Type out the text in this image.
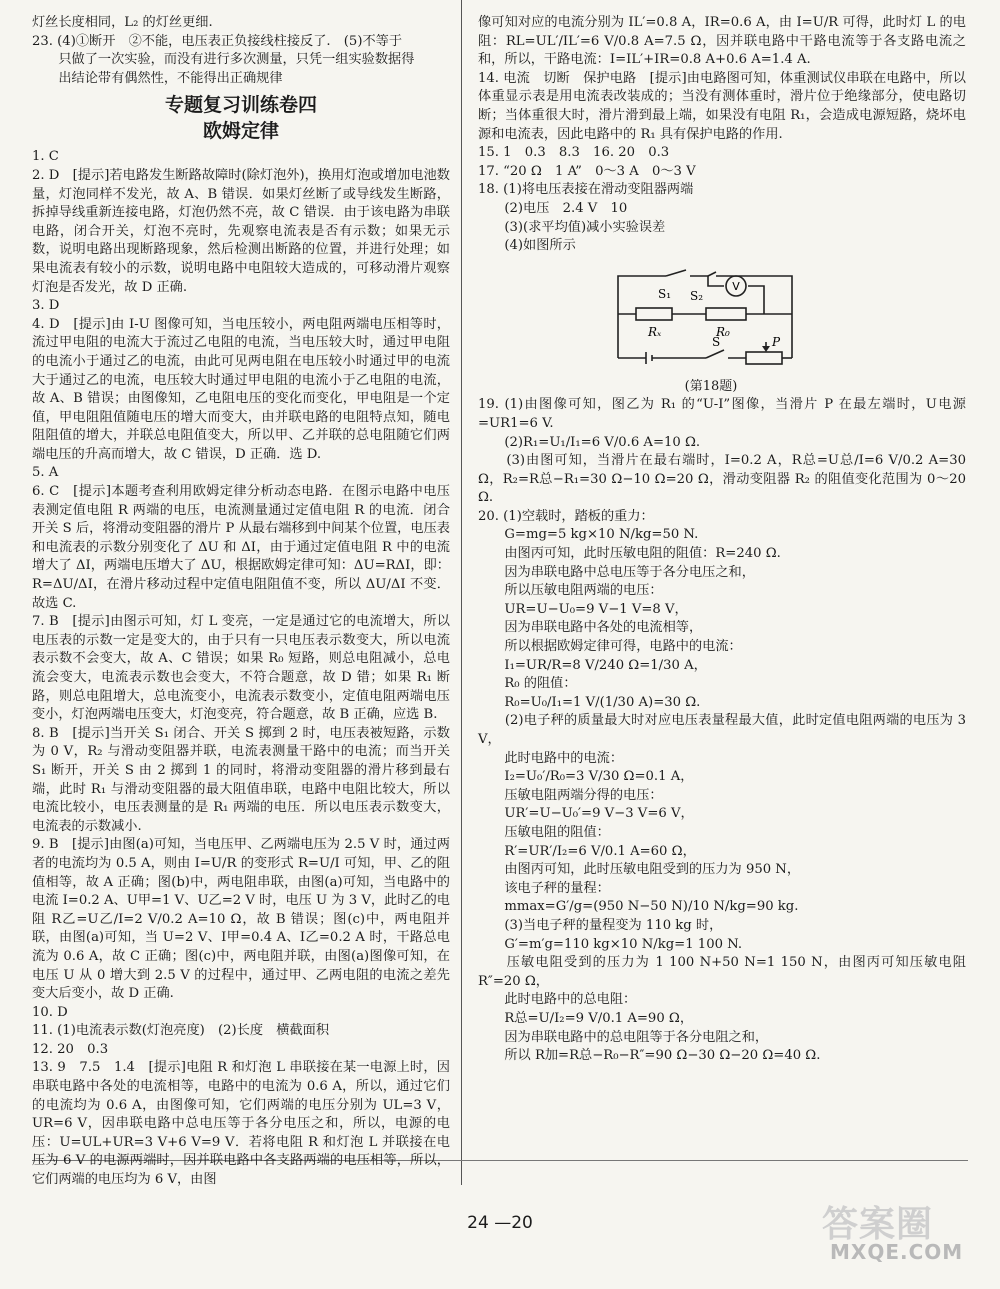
灯丝长度相同，L₂ 的灯丝更细.
23. (4)①断开　②不能，电压表正负接线柱接反了.　(5)不等于
　　只做了一次实验，而没有进行多次测量，只凭一组实验数据得
　　出结论带有偶然性，不能得出正确规律
专题复习训练卷四
欧姆定律
1. C
2. D　[提示]若电路发生断路故障时(除灯泡外)，换用灯泡或增加电池数量，灯泡同样不发光，故 A、B 错误．如果灯丝断了或导线发生断路，拆掉导线重新连接电路，灯泡仍然不亮，故 C 错误．由于该电路为串联电路，闭合开关，灯泡不亮时，先观察电流表是否有示数；如果无示数，说明电路出现断路现象，然后检测出断路的位置，并进行处理；如果电流表有较小的示数，说明电路中电阻较大造成的，可移动滑片观察灯泡是否发光，故 D 正确.
3. D
4. D　[提示]由 I-U 图像可知，当电压较小，两电阻两端电压相等时，流过甲电阻的电流大于流过乙电阻的电流，当电压较大时，通过甲电阻的电流小于通过乙的电流，由此可见两电阻在电压较小时通过甲的电流大于通过乙的电流，电压较大时通过甲电阻的电流小于乙电阻的电流，故 A、B 错误；由图像知，乙电阻电压的变化而变化，甲电阻是一个定值，甲电阻阻值随电压的增大而变大，由并联电路的电阻特点知，随电阻阻值的增大，并联总电阻值变大，所以甲、乙并联的总电阻随它们两端电压的升高而增大，故 C 错误，D 正确．选 D.
5. A
6. C　[提示]本题考查利用欧姆定律分析动态电路．在图示电路中电压表测定值电阻 R 两端的电压，电流测量通过定值电阻 R 的电流．闭合开关 S 后，将滑动变阻器的滑片 P 从最右端移到中间某个位置，电压表和电流表的示数分别变化了 ΔU 和 ΔI，由于通过定值电阻 R 中的电流增大了 ΔI，两端电压增大了 ΔU，根据欧姆定律可知：ΔU=RΔI，即：R=ΔU/ΔI，在滑片移动过程中定值电阻阻值不变，所以 ΔU/ΔI 不变．故选 C.
7. B　[提示]由图示可知，灯 L 变亮，一定是通过它的电流增大，所以电压表的示数一定是变大的，由于只有一只电压表示数变大，所以电流表示数不会变大，故 A、C 错误；如果 R₀ 短路，则总电阻减小，总电流会变大，电流表示数也会变大，不符合题意，故 D 错；如果 R₁ 断路，则总电阻增大，总电流变小，电流表示数变小，定值电阻两端电压变小，灯泡两端电压变大，灯泡变亮，符合题意，故 B 正确，应选 B.
8. B　[提示]当开关 S₁ 闭合、开关 S 掷到 2 时，电压表被短路，示数为 0 V，R₂ 与滑动变阻器并联，电流表测量干路中的电流；而当开关 S₁ 断开，开关 S 由 2 掷到 1 的同时，将滑动变阻器的滑片移到最右端，此时 R₁ 与滑动变阻器的最大阻值串联，电路中电阻比较大，所以电流比较小，电压表测量的是 R₁ 两端的电压．所以电压表示数变大，电流表的示数减小.
9. B　[提示]由图(a)可知，当电压甲、乙两端电压为 2.5 V 时，通过两者的电流均为 0.5 A，则由 I=U/R 的变形式 R=U/I 可知，甲、乙的阻值相等，故 A 正确；图(b)中，两电阻串联，由图(a)可知，当电路中的电流 I=0.2 A、U甲=1 V、U乙=2 V 时，电压 U 为 3 V，此时乙的电阻 R乙=U乙/I=2 V/0.2 A=10 Ω，故 B 错误；图(c)中，两电阻并联，由图(a)可知，当 U=2 V、I甲=0.4 A、I乙=0.2 A 时，干路总电流为 0.6 A，故 C 正确；图(c)中，两电阻并联，由图(a)图像可知，在电压 U 从 0 增大到 2.5 V 的过程中，通过甲、乙两电阻的电流之差先变大后变小，故 D 正确.
10. D
11. (1)电流表示数(灯泡亮度)　(2)长度　横截面积
12. 20　0.3
13. 9　7.5　1.4　[提示]电阻 R 和灯泡 L 串联接在某一电源上时，因串联电路中各处的电流相等，电路中的电流为 0.6 A，所以，通过它们的电流均为 0.6 A，由图像可知，它们两端的电压分别为 UL=3 V，UR=6 V，因串联电路中总电压等于各分电压之和，所以，电源的电压：U=UL+UR=3 V+6 V=9 V．若将电阻 R 和灯泡 L 并联接在电压为 6 V 的电源两端时，因并联电路中各支路两端的电压相等，所以，它们两端的电压均为 6 V，由图
像可知对应的电流分别为 IL′=0.8 A，IR=0.6 A，由 I=U/R 可得，此时灯 L 的电阻：RL=UL′/IL′=6 V/0.8 A=7.5 Ω，因并联电路中干路电流等于各支路电流之和，所以，干路电流：I=IL′+IR=0.8 A+0.6 A=1.4 A.
14. 电流　切断　保护电路　[提示]由电路图可知，体重测试仪串联在电路中，所以体重显示表是用电流表改装成的；当没有测体重时，滑片位于绝缘部分，使电路切断；当体重很大时，滑片滑到最上端，如果没有电阻 R₁，会造成电源短路，烧坏电源和电流表，因此电路中的 R₁ 具有保护电路的作用.
15. 1　0.3　8.3　16. 20　0.3
17. “20 Ω　1 A”　0～3 A　0～3 V
18. (1)将电压表接在滑动变阻器两端
　　(2)电压　2.4 V　10
　　(3)(求平均值)减小实验误差
　　(4)如图所示
V
S₁ S₂
Rₓ	R₀
S	P
(第18题)
19. (1)由图像可知，图乙为 R₁ 的“U-I”图像，当滑片 P 在最左端时，U电源=UR1=6 V.
　　(2)R₁=U₁/I₁=6 V/0.6 A=10 Ω.
　　(3)由图可知，当滑片在最右端时，I=0.2 A，R总=U总/I=6 V/0.2 A=30 Ω，R₂=R总−R₁=30 Ω−10 Ω=20 Ω，滑动变阻器 R₂ 的阻值变化范围为 0～20 Ω.
20. (1)空载时，踏板的重力：
　　G=mg=5 kg×10 N/kg=50 N.
　　由图丙可知，此时压敏电阻的阻值：R=240 Ω.
　　因为串联电路中总电压等于各分电压之和，
　　所以压敏电阻两端的电压：
　　UR=U−U₀=9 V−1 V=8 V，
　　因为串联电路中各处的电流相等，
　　所以根据欧姆定律可得，电路中的电流：
　　I₁=UR/R=8 V/240 Ω=1/30 A，
　　R₀ 的阻值：
　　R₀=U₀/I₁=1 V/(1/30 A)=30 Ω.
　　(2)电子秤的质量最大时对应电压表量程最大值，此时定值电阻两端的电压为 3 V，
　　此时电路中的电流：
　　I₂=U₀′/R₀=3 V/30 Ω=0.1 A，
　　压敏电阻两端分得的电压：
　　UR′=U−U₀′=9 V−3 V=6 V，
　　压敏电阻的阻值：
　　R′=UR′/I₂=6 V/0.1 A=60 Ω，
　　由图丙可知，此时压敏电阻受到的压力为 950 N，
　　该电子秤的量程：
　　mmax=G′/g=(950 N−50 N)/10 N/kg=90 kg.
　　(3)当电子秤的量程变为 110 kg 时，
　　G′=m′g=110 kg×10 N/kg=1 100 N.
　　压敏电阻受到的压力为 1 100 N+50 N=1 150 N，由图丙可知压敏电阻 R″=20 Ω，
　　此时电路中的总电阻：
　　R总=U/I₂=9 V/0.1 A=90 Ω，
　　因为串联电路中的总电阻等于各分电阻之和，
　　所以 R加=R总−R₀−R″=90 Ω−30 Ω−20 Ω=40 Ω.
24 —20	答案圈
MXQE.COM
